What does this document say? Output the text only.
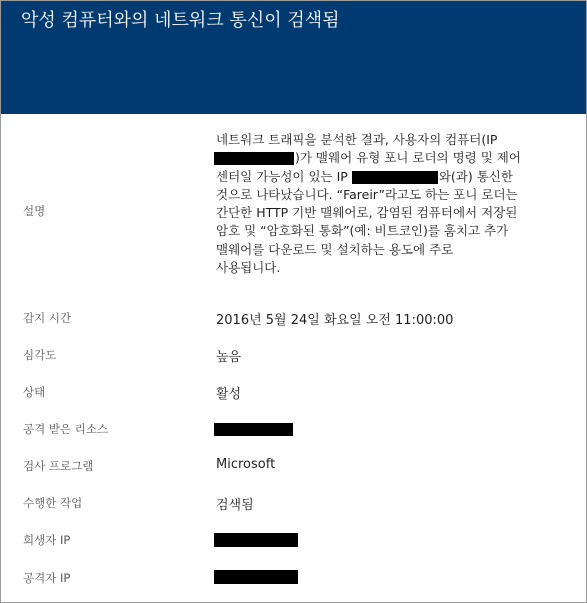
악성 컴퓨터와의 네트워크 통신이 검색됨
설명
네트워크 트래픽을 분석한 결과, 사용자의 컴퓨터(IP
)가 맬웨어 유형 포니 로더의 명령 및 제어
센터일 가능성이 있는 IP	와(과) 통신한
것으로 나타났습니다. “Fareir”라고도 하는 포니 로더는
간단한 HTTP 기반 맬웨어로, 감염된 컴퓨터에서 저장된
암호 및 “암호화된 통화”(예: 비트코인)를 훔치고 추가
맬웨어를 다운로드 및 설치하는 용도에 주로
사용됩니다.
감지 시간	2016년 5월 24일 화요일 오전 11:00:00
심각도	높음
상태	활성
공격 받은 리소스
검사 프로그램	Microsoft
수행한 작업	검색됨
희생자 IP
공격자 IP
